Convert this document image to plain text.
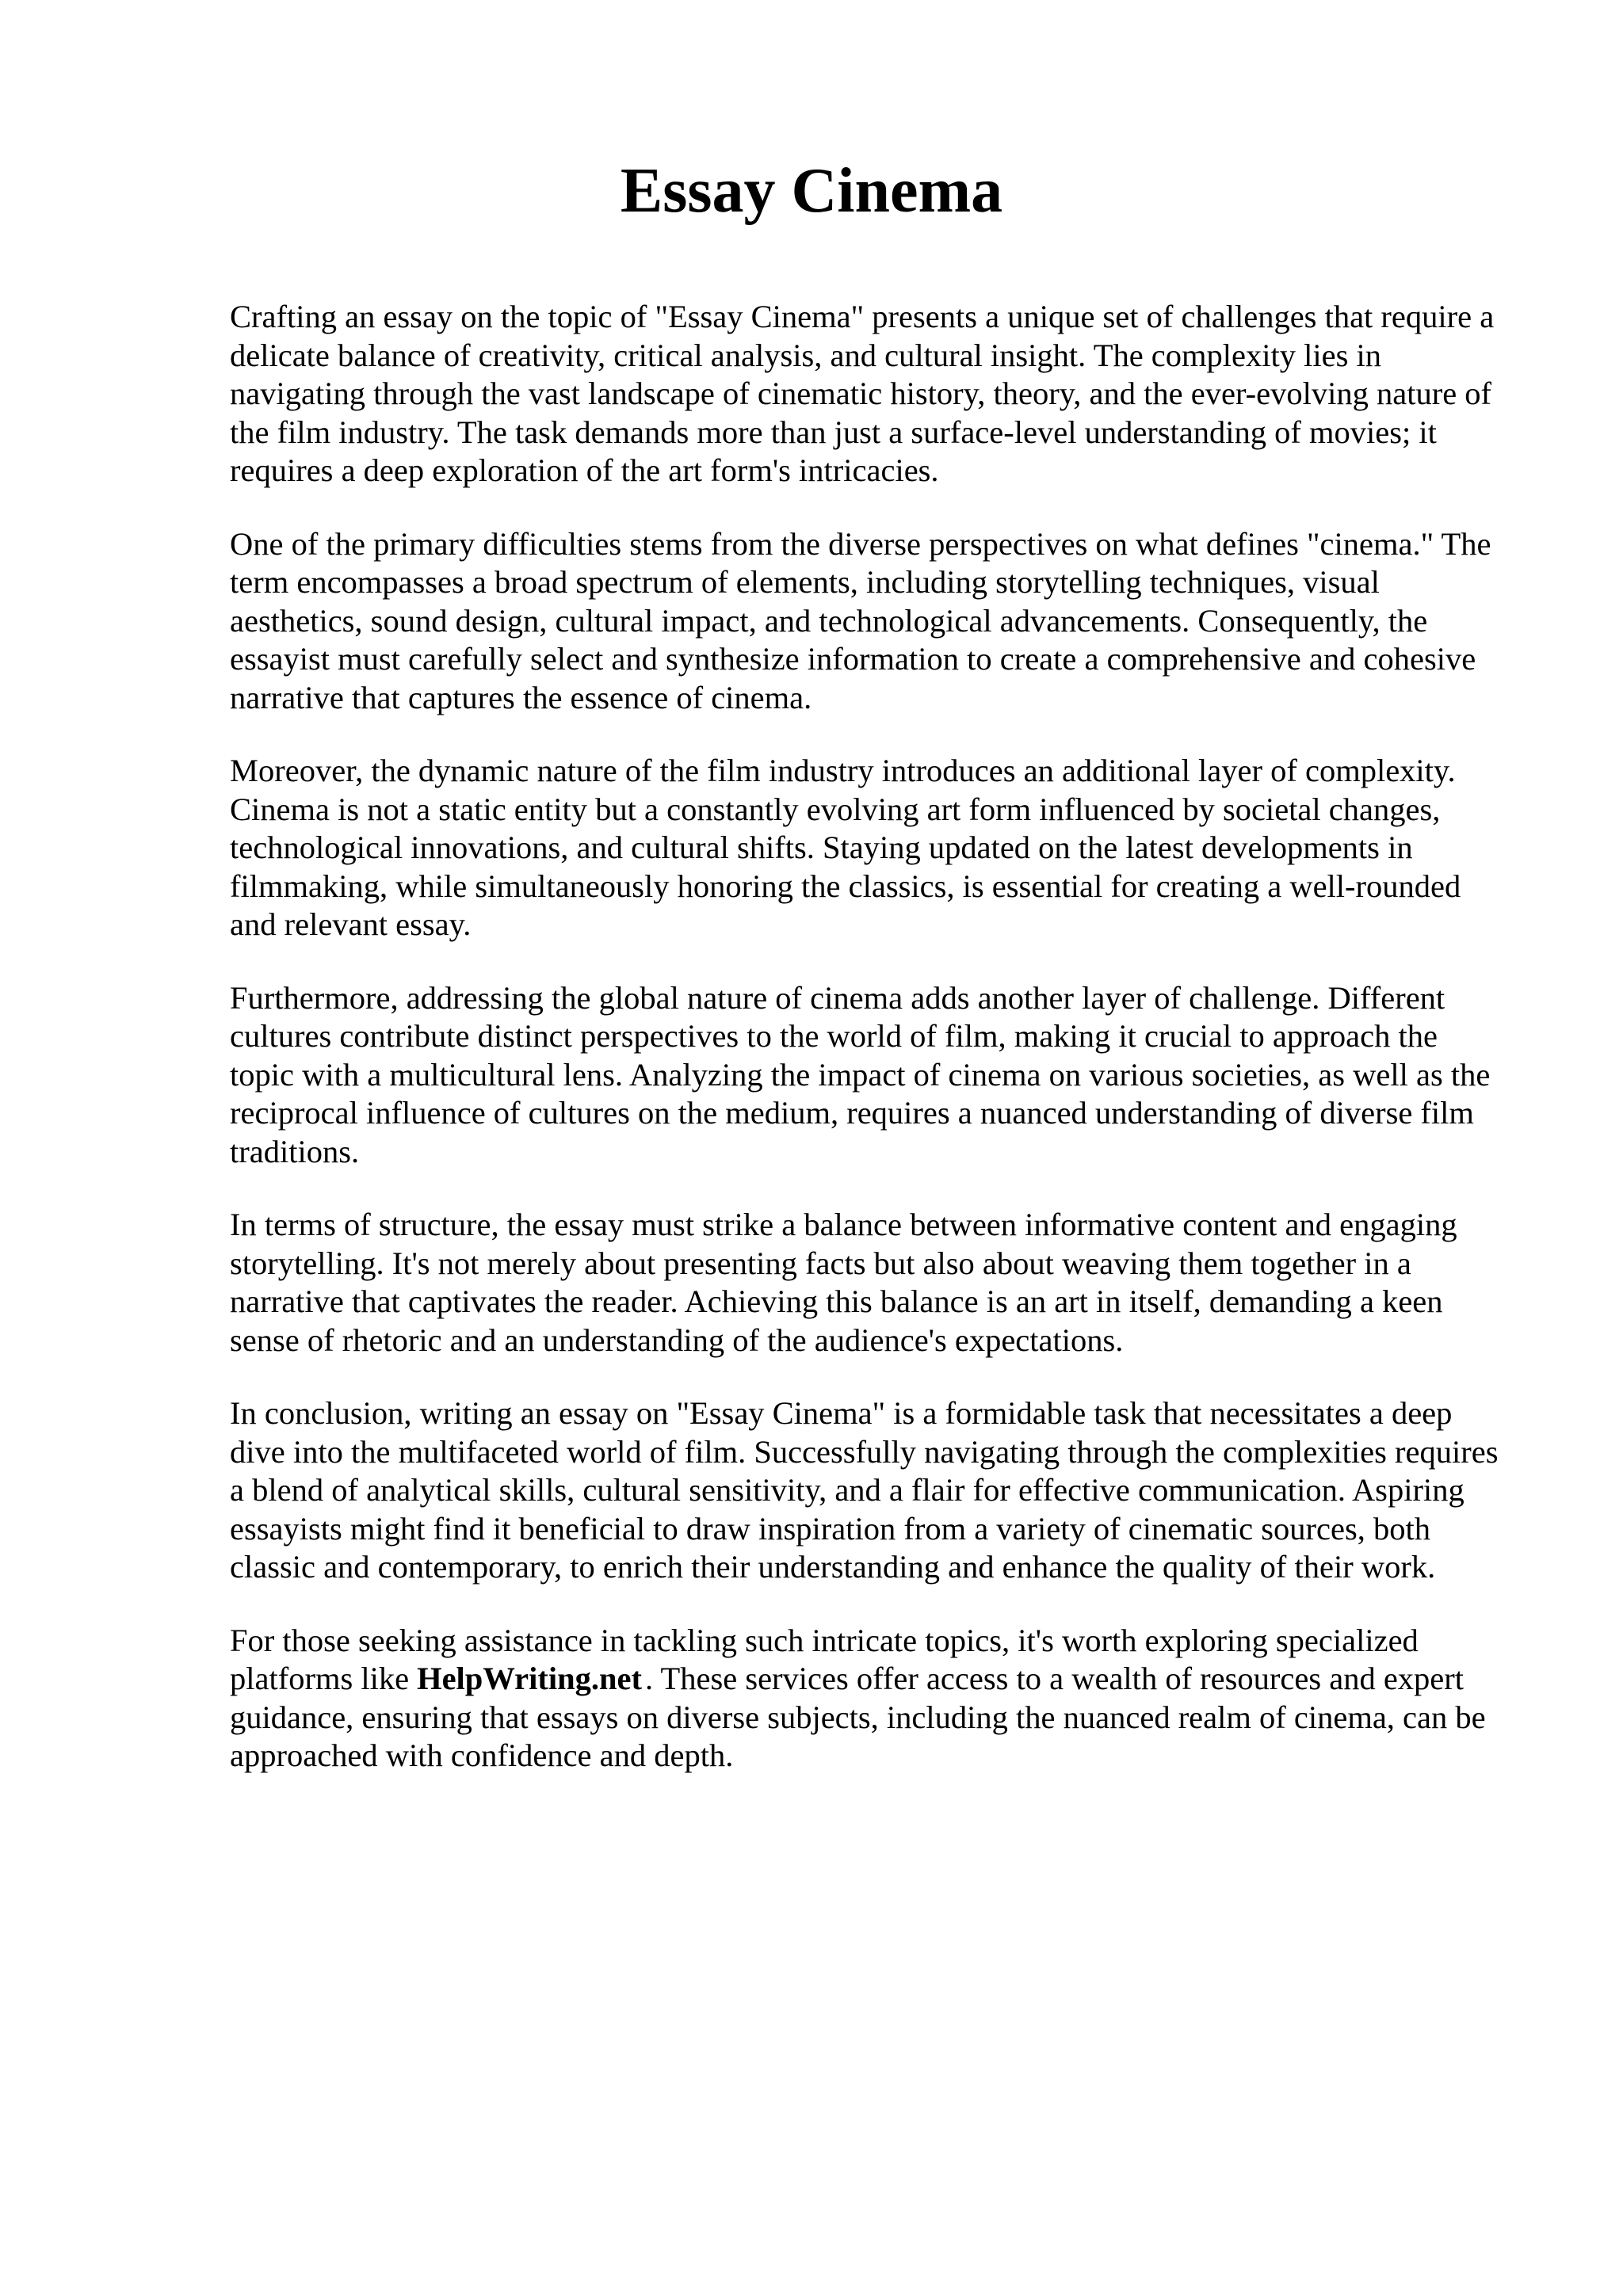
Essay Cinema

Crafting an essay on the topic of "Essay Cinema" presents a unique set of challenges that require a delicate balance of creativity, critical analysis, and cultural insight. The complexity lies in navigating through the vast landscape of cinematic history, theory, and the ever-evolving nature of the film industry. The task demands more than just a surface-level understanding of movies; it requires a deep exploration of the art form's intricacies.

One of the primary difficulties stems from the diverse perspectives on what defines "cinema." The term encompasses a broad spectrum of elements, including storytelling techniques, visual aesthetics, sound design, cultural impact, and technological advancements. Consequently, the essayist must carefully select and synthesize information to create a comprehensive and cohesive narrative that captures the essence of cinema.

Moreover, the dynamic nature of the film industry introduces an additional layer of complexity. Cinema is not a static entity but a constantly evolving art form influenced by societal changes, technological innovations, and cultural shifts. Staying updated on the latest developments in filmmaking, while simultaneously honoring the classics, is essential for creating a well-rounded and relevant essay.

Furthermore, addressing the global nature of cinema adds another layer of challenge. Different cultures contribute distinct perspectives to the world of film, making it crucial to approach the topic with a multicultural lens. Analyzing the impact of cinema on various societies, as well as the reciprocal influence of cultures on the medium, requires a nuanced understanding of diverse film traditions.

In terms of structure, the essay must strike a balance between informative content and engaging storytelling. It's not merely about presenting facts but also about weaving them together in a narrative that captivates the reader. Achieving this balance is an art in itself, demanding a keen sense of rhetoric and an understanding of the audience's expectations.

In conclusion, writing an essay on "Essay Cinema" is a formidable task that necessitates a deep dive into the multifaceted world of film. Successfully navigating through the complexities requires a blend of analytical skills, cultural sensitivity, and a flair for effective communication. Aspiring essayists might find it beneficial to draw inspiration from a variety of cinematic sources, both classic and contemporary, to enrich their understanding and enhance the quality of their work.

For those seeking assistance in tackling such intricate topics, it's worth exploring specialized platforms like HelpWriting.net. These services offer access to a wealth of resources and expert guidance, ensuring that essays on diverse subjects, including the nuanced realm of cinema, can be approached with confidence and depth.
